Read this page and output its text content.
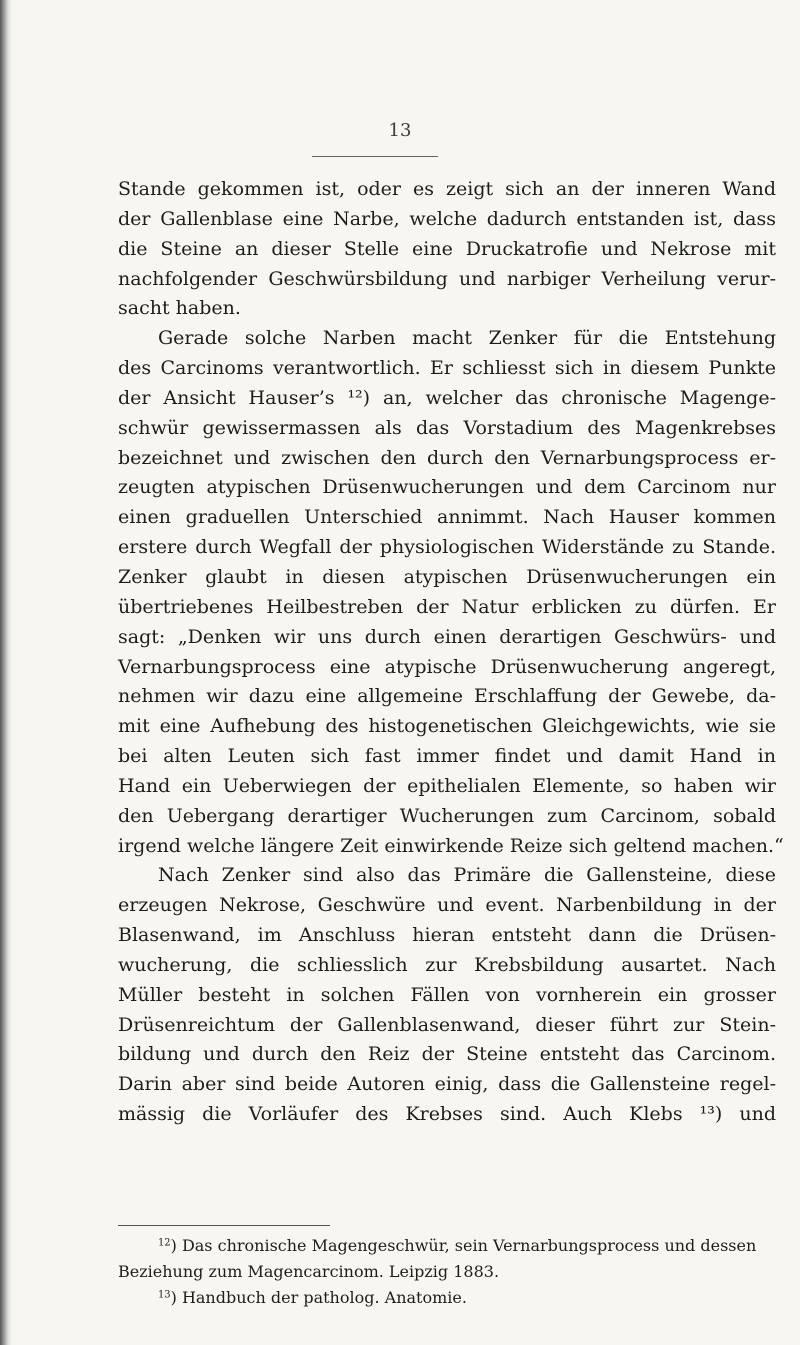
13
Stande gekommen ist, oder es zeigt sich an der inneren Wand
der Gallenblase eine Narbe, welche dadurch entstanden ist, dass
die Steine an dieser Stelle eine Druckatrofie und Nekrose mit
nachfolgender Geschwürsbildung und narbiger Verheilung verur-
sacht haben.
Gerade solche Narben macht Zenker für die Entstehung
des Carcinoms verantwortlich. Er schliesst sich in diesem Punkte
der Ansicht Hauser’s ¹²) an, welcher das chronische Magenge-
schwür gewissermassen als das Vorstadium des Magenkrebses
bezeichnet und zwischen den durch den Vernarbungsprocess er-
zeugten atypischen Drüsenwucherungen und dem Carcinom nur
einen graduellen Unterschied annimmt. Nach Hauser kommen
erstere durch Wegfall der physiologischen Widerstände zu Stande.
Zenker glaubt in diesen atypischen Drüsenwucherungen ein
übertriebenes Heilbestreben der Natur erblicken zu dürfen. Er
sagt: „Denken wir uns durch einen derartigen Geschwürs- und
Vernarbungsprocess eine atypische Drüsenwucherung angeregt,
nehmen wir dazu eine allgemeine Erschlaffung der Gewebe, da-
mit eine Aufhebung des histogenetischen Gleichgewichts, wie sie
bei alten Leuten sich fast immer findet und damit Hand in
Hand ein Ueberwiegen der epithelialen Elemente, so haben wir
den Uebergang derartiger Wucherungen zum Carcinom, sobald
irgend welche längere Zeit einwirkende Reize sich geltend machen.“
Nach Zenker sind also das Primäre die Gallensteine, diese
erzeugen Nekrose, Geschwüre und event. Narbenbildung in der
Blasenwand, im Anschluss hieran entsteht dann die Drüsen-
wucherung, die schliesslich zur Krebsbildung ausartet. Nach
Müller besteht in solchen Fällen von vornherein ein grosser
Drüsenreichtum der Gallenblasenwand, dieser führt zur Stein-
bildung und durch den Reiz der Steine entsteht das Carcinom.
Darin aber sind beide Autoren einig, dass die Gallensteine regel-
mässig die Vorläufer des Krebses sind. Auch Klebs ¹³) und
$^{12}$) Das chronische Magengeschwür, sein Vernarbungsprocess und dessen
Beziehung zum Magencarcinom. Leipzig 1883.
$^{13}$) Handbuch der patholog. Anatomie.
